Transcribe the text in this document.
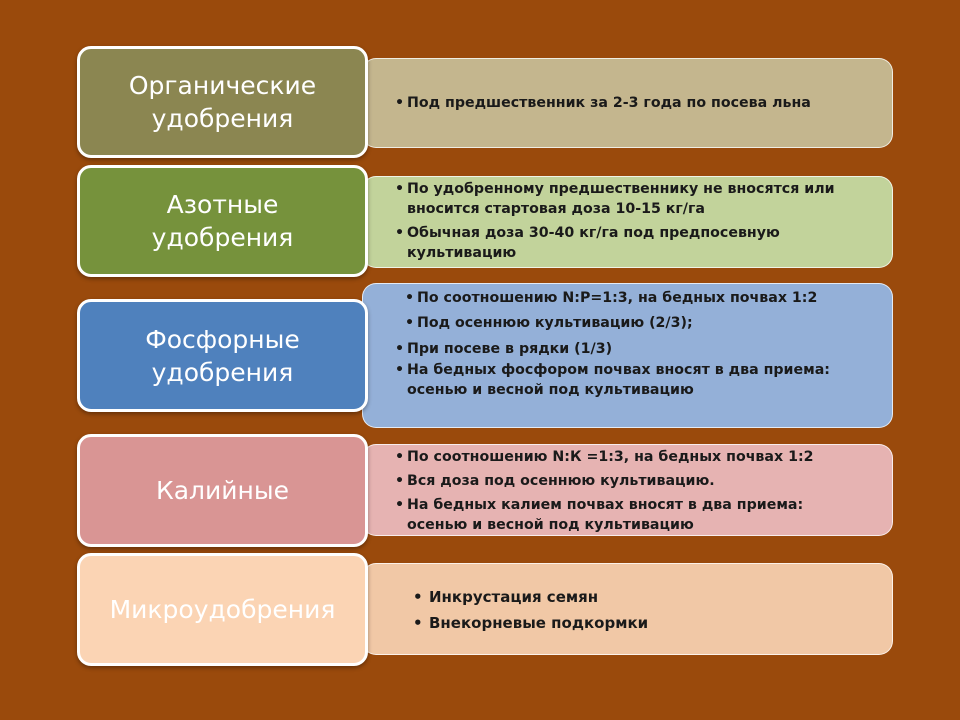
• Под предшественник за 2-3 года по посева льна
Органические
удобрения
• По удобренному предшественнику не вносятся или вносится стартовая доза 10-15 кг/га
• Обычная доза 30-40 кг/га под предпосевную культивацию
Азотные
удобрения
• По соотношению N:P=1:3, на бедных почвах 1:2
• Под осеннюю культивацию (2/3);
• При посеве в рядки (1/3)
• На бедных фосфором почвах вносят в два приема: осенью и весной под культивацию
Фосфорные
удобрения
• По соотношению N:К =1:3, на бедных почвах 1:2
• Вся доза под осеннюю культивацию.
• На бедных калием почвах вносят в два приема: осенью и весной под культивацию
Калийные
• Инкрустация семян
• Внекорневые подкормки
Микроудобрения
